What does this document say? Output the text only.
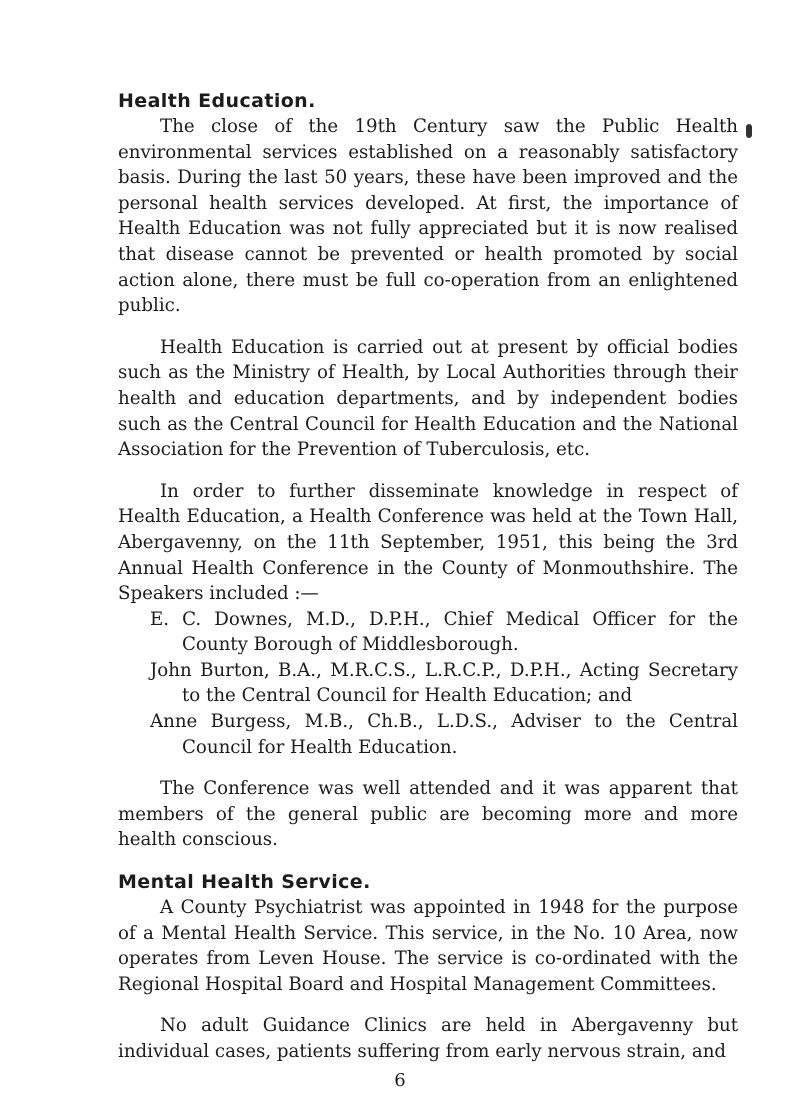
Health Education.

The close of the 19th Century saw the Public Health environmental services established on a reasonably satisfactory basis. During the last 50 years, these have been improved and the personal health services developed. At first, the importance of Health Education was not fully appreciated but it is now realised that disease cannot be prevented or health promoted by social action alone, there must be full co-operation from an enlightened public.

Health Education is carried out at present by official bodies such as the Ministry of Health, by Local Authorities through their health and education departments, and by independent bodies such as the Central Council for Health Education and the National Association for the Prevention of Tuberculosis, etc.

In order to further disseminate knowledge in respect of Health Education, a Health Conference was held at the Town Hall, Abergavenny, on the 11th September, 1951, this being the 3rd Annual Health Conference in the County of Monmouthshire. The Speakers included :—

E. C. Downes, M.D., D.P.H., Chief Medical Officer for the County Borough of Middlesborough.
John Burton, B.A., M.R.C.S., L.R.C.P., D.P.H., Acting Secretary to the Central Council for Health Education; and
Anne Burgess, M.B., Ch.B., L.D.S., Adviser to the Central Council for Health Education.

The Conference was well attended and it was apparent that members of the general public are becoming more and more health conscious.

Mental Health Service.

A County Psychiatrist was appointed in 1948 for the purpose of a Mental Health Service. This service, in the No. 10 Area, now operates from Leven House. The service is co-ordinated with the Regional Hospital Board and Hospital Management Committees.

No adult Guidance Clinics are held in Abergavenny but individual cases, patients suffering from early nervous strain, and

6
